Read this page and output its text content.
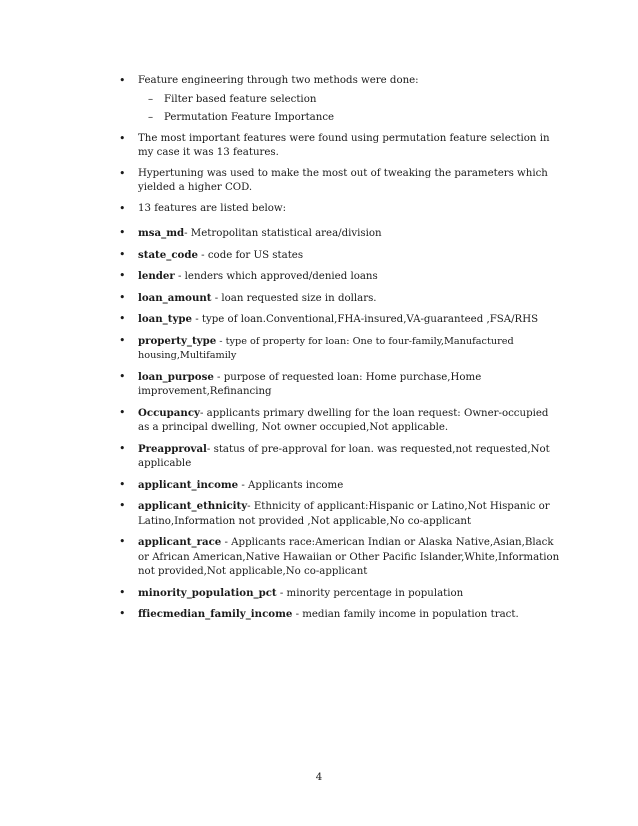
• Feature engineering through two methods were done:
– Filter based feature selection
– Permutation Feature Importance
• The most important features were found using permutation feature selection in my case it was 13 features.
• Hypertuning was used to make the most out of tweaking the parameters which yielded a higher COD.
• 13 features are listed below:
• msa_md- Metropolitan statistical area/division
• state_code - code for US states
• lender - lenders which approved/denied loans
• loan_amount - loan requested size in dollars.
• loan_type - type of loan.Conventional,FHA-insured,VA-guaranteed ,FSA/RHS
• property_type - type of property for loan: One to four-family,Manufactured housing,Multifamily
• loan_purpose - purpose of requested loan: Home purchase,Home improvement,Refinancing
• Occupancy- applicants primary dwelling for the loan request: Owner-occupied as a principal dwelling, Not owner occupied,Not applicable.
• Preapproval- status of pre-approval for loan. was requested,not requested,Not applicable
• applicant_income - Applicants income
• applicant_ethnicity- Ethnicity of applicant:Hispanic or Latino,Not Hispanic or Latino,Information not provided ,Not applicable,No co-applicant
• applicant_race - Applicants race:American Indian or Alaska Native,Asian,Black or African American,Native Hawaiian or Other Pacific Islander,White,Information not provided,Not applicable,No co-applicant
• minority_population_pct - minority percentage in population
• ffiecmedian_family_income - median family income in population tract.
4
